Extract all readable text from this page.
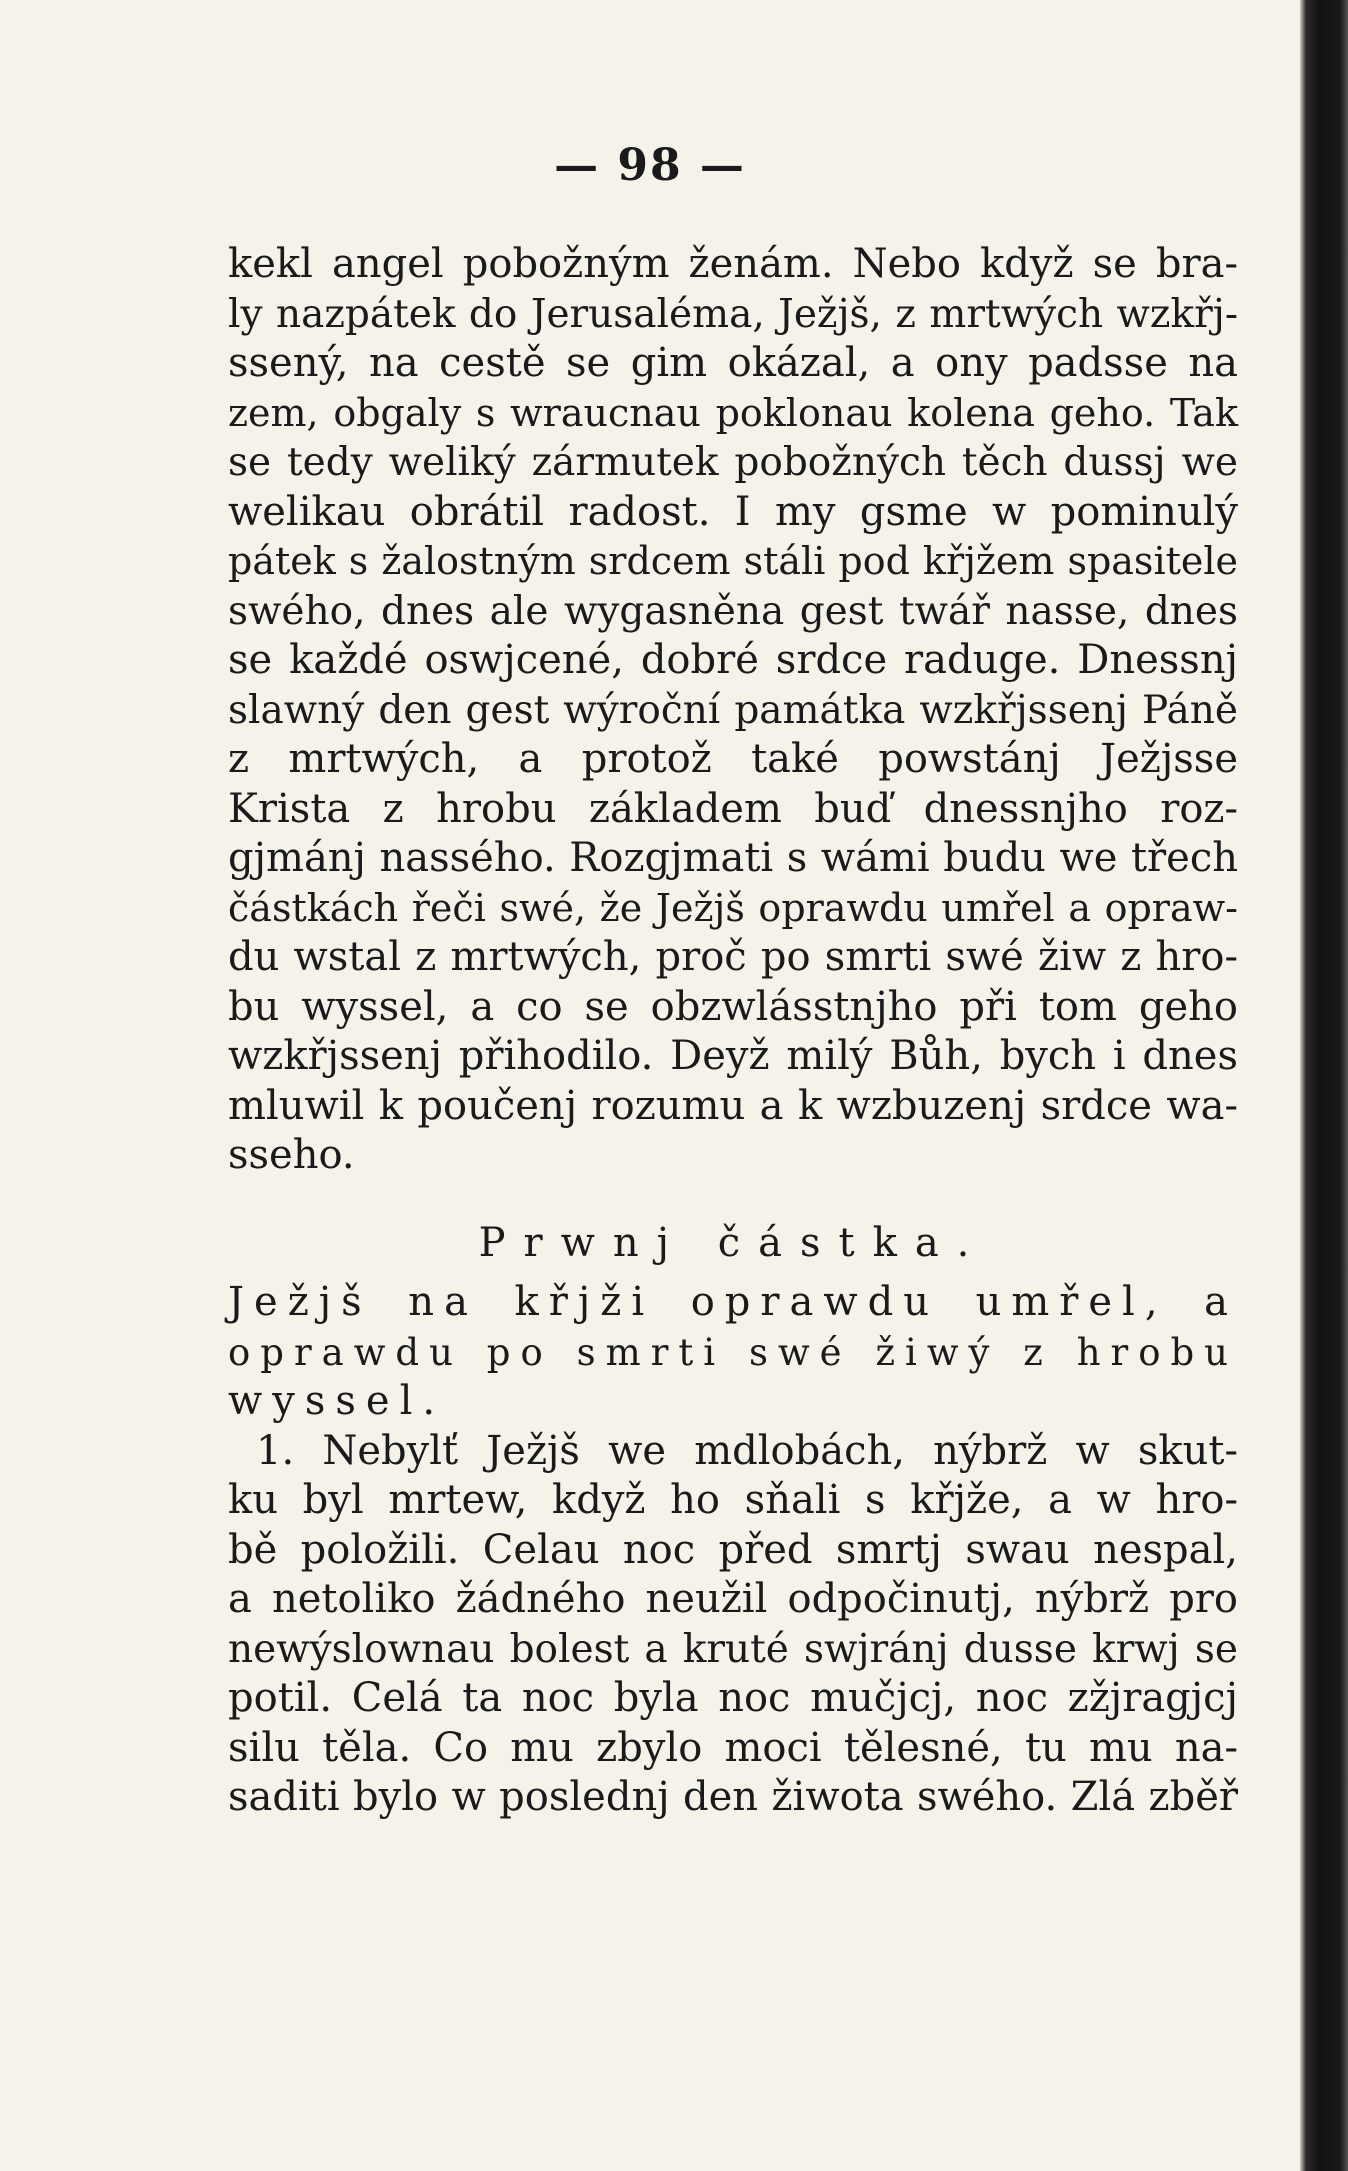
— 98 —
kekl angel pobožným ženám. Nebo když se bra-
ly nazpátek do Jerusaléma, Ježjš, z mrtwých wzkřj-
ssený, na cestě se gim okázal, a ony padsse na
zem, obgaly s wraucnau poklonau kolena geho. Tak
se tedy weliký zármutek pobožných těch dussj we
welikau obrátil radost. I my gsme w pominulý
pátek s žalostným srdcem stáli pod křjžem spasitele
swého, dnes ale wygasněna gest twář nasse, dnes
se každé oswjcené, dobré srdce raduge. Dnessnj
slawný den gest wýroční památka wzkřjssenj Páně
z mrtwých, a protož také powstánj Ježjsse
Krista z hrobu základem buď dnessnjho roz-
gjmánj nassého. Rozgjmati s wámi budu we třech
částkách řeči swé, že Ježjš oprawdu umřel a opraw-
du wstal z mrtwých, proč po smrti swé žiw z hro-
bu wyssel, a co se obzwlásstnjho při tom geho
wzkřjssenj přihodilo. Deyž milý Bůh, bych i dnes
mluwil k poučenj rozumu a k wzbuzenj srdce wa-
sseho.
Prwnj částka.
Ježjš na křjži oprawdu umřel, a
oprawdu po smrti swé žiwý z hrobu
wyssel.
1. Nebylť Ježjš we mdlobách, nýbrž w skut-
ku byl mrtew, když ho sňali s křjže, a w hro-
bě položili. Celau noc před smrtj swau nespal,
a netoliko žádného neužil odpočinutj, nýbrž pro
newýslownau bolest a kruté swjránj dusse krwj se
potil. Celá ta noc byla noc mučjcj, noc zžjragjcj
silu těla. Co mu zbylo moci tělesné, tu mu na-
saditi bylo w poslednj den žiwota swého. Zlá zběř
